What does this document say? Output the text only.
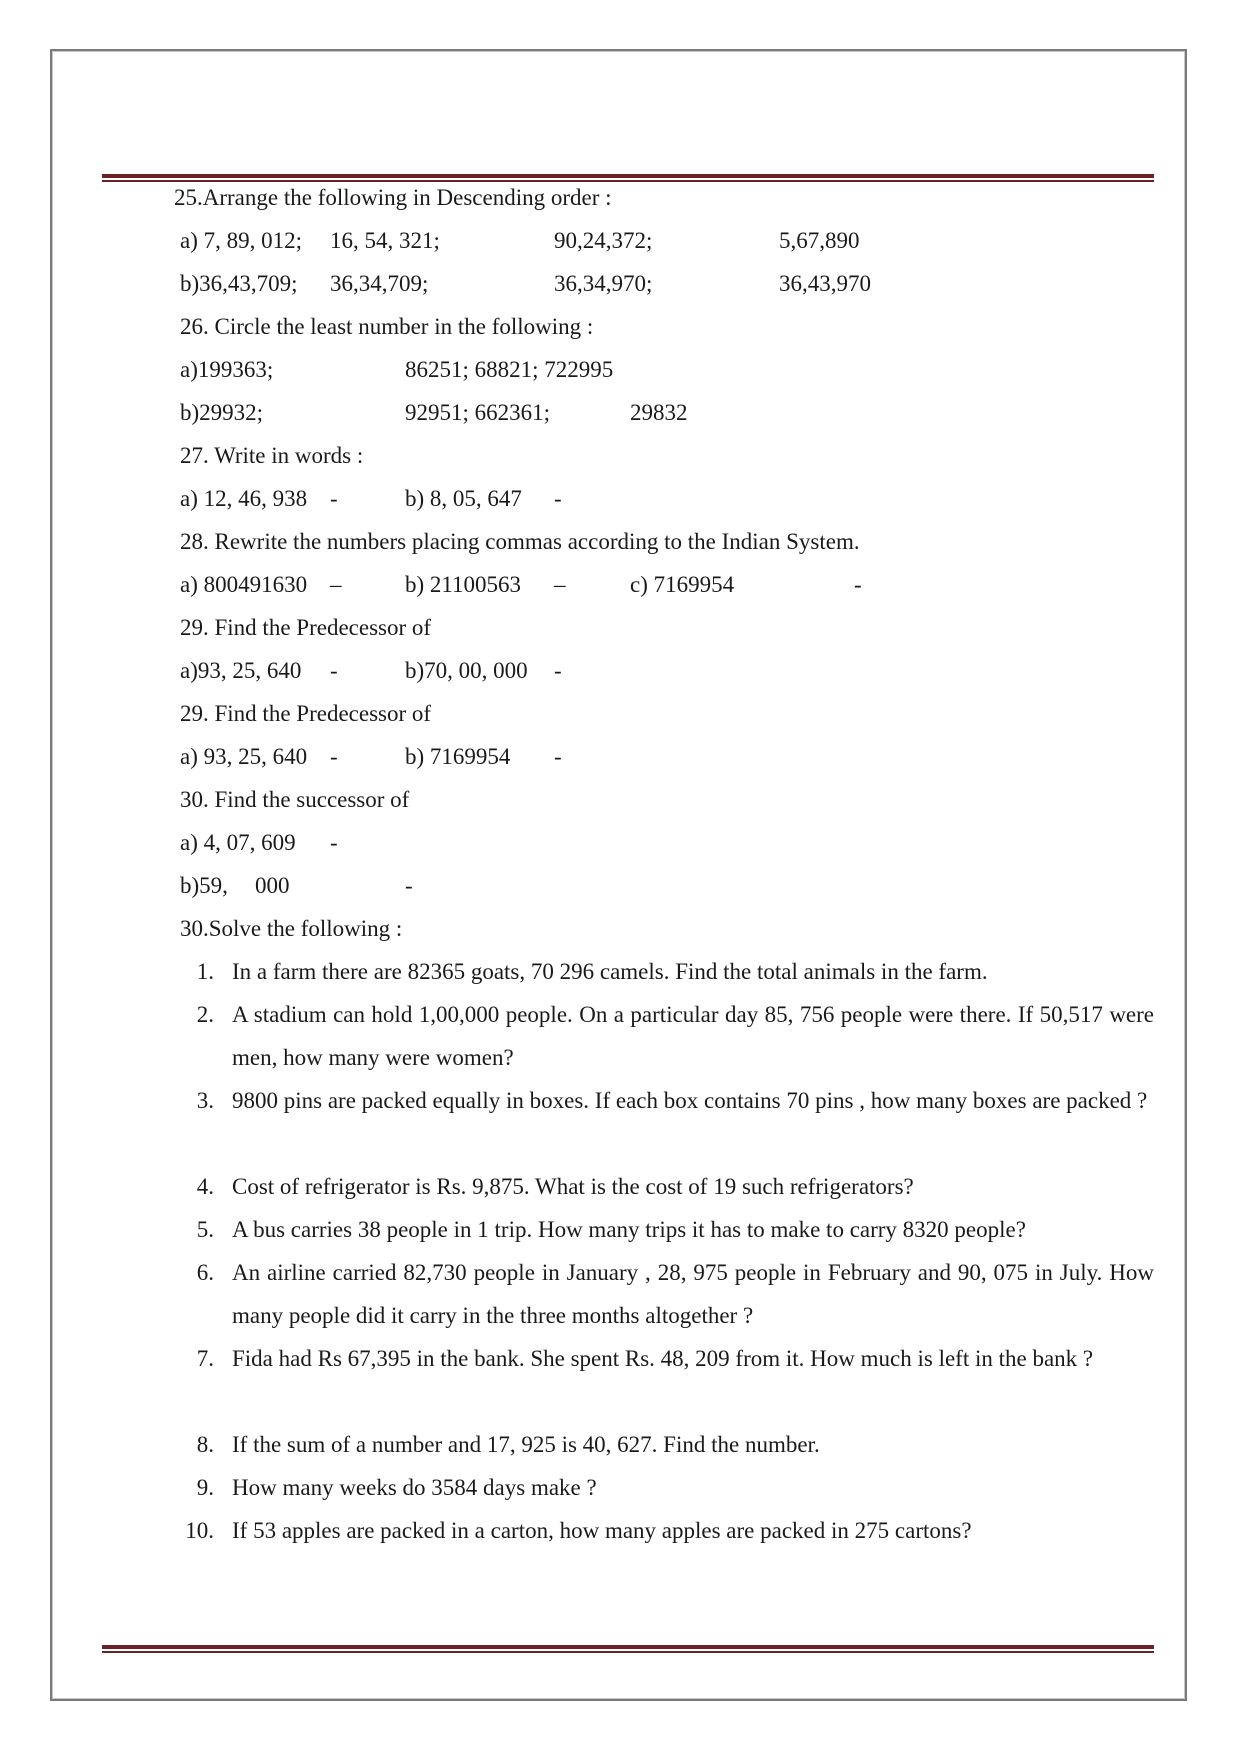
25.Arrange the following in Descending order :
a) 7, 89, 012; 16, 54, 321;	90,24,372;	5,67,890
b)36,43,709; 36,34,709;	36,34,970;	36,43,970
26. Circle the least number in the following :
a)199363;	86251; 68821; 722995
b)29932;	92951; 662361;	29832
27. Write in words :
a) 12, 46, 938 -	b) 8, 05, 647 -
28. Rewrite the numbers placing commas according to the Indian System.
a) 800491630 –	b) 21100563 –	c) 7169954	-
29. Find the Predecessor of
a)93, 25, 640 -	b)70, 00, 000 -
29. Find the Predecessor of
a) 93, 25, 640 -	b) 7169954 -
30. Find the successor of
a) 4, 07, 609 -
b)59, 000	-
30.Solve the following :
1. In a farm there are 82365 goats, 70 296 camels. Find the total animals in the farm.
2. A stadium can hold 1,00,000 people. On a particular day 85, 756 people were there. If 50,517 were men, how many were women?
3. 9800 pins are packed equally in boxes. If each box contains 70 pins , how many boxes are packed ?
4. Cost of refrigerator is Rs. 9,875. What is the cost of 19 such refrigerators?
5. A bus carries 38 people in 1 trip. How many trips it has to make to carry 8320 people?
6. An airline carried 82,730 people in January , 28, 975 people in February and 90, 075 in July. How many people did it carry in the three months altogether ?
7. Fida had Rs 67,395 in the bank. She spent Rs. 48, 209 from it. How much is left in the bank ?
8. If the sum of a number and 17, 925 is 40, 627. Find the number.
9. How many weeks do 3584 days make ?
10. If 53 apples are packed in a carton, how many apples are packed in 275 cartons?
